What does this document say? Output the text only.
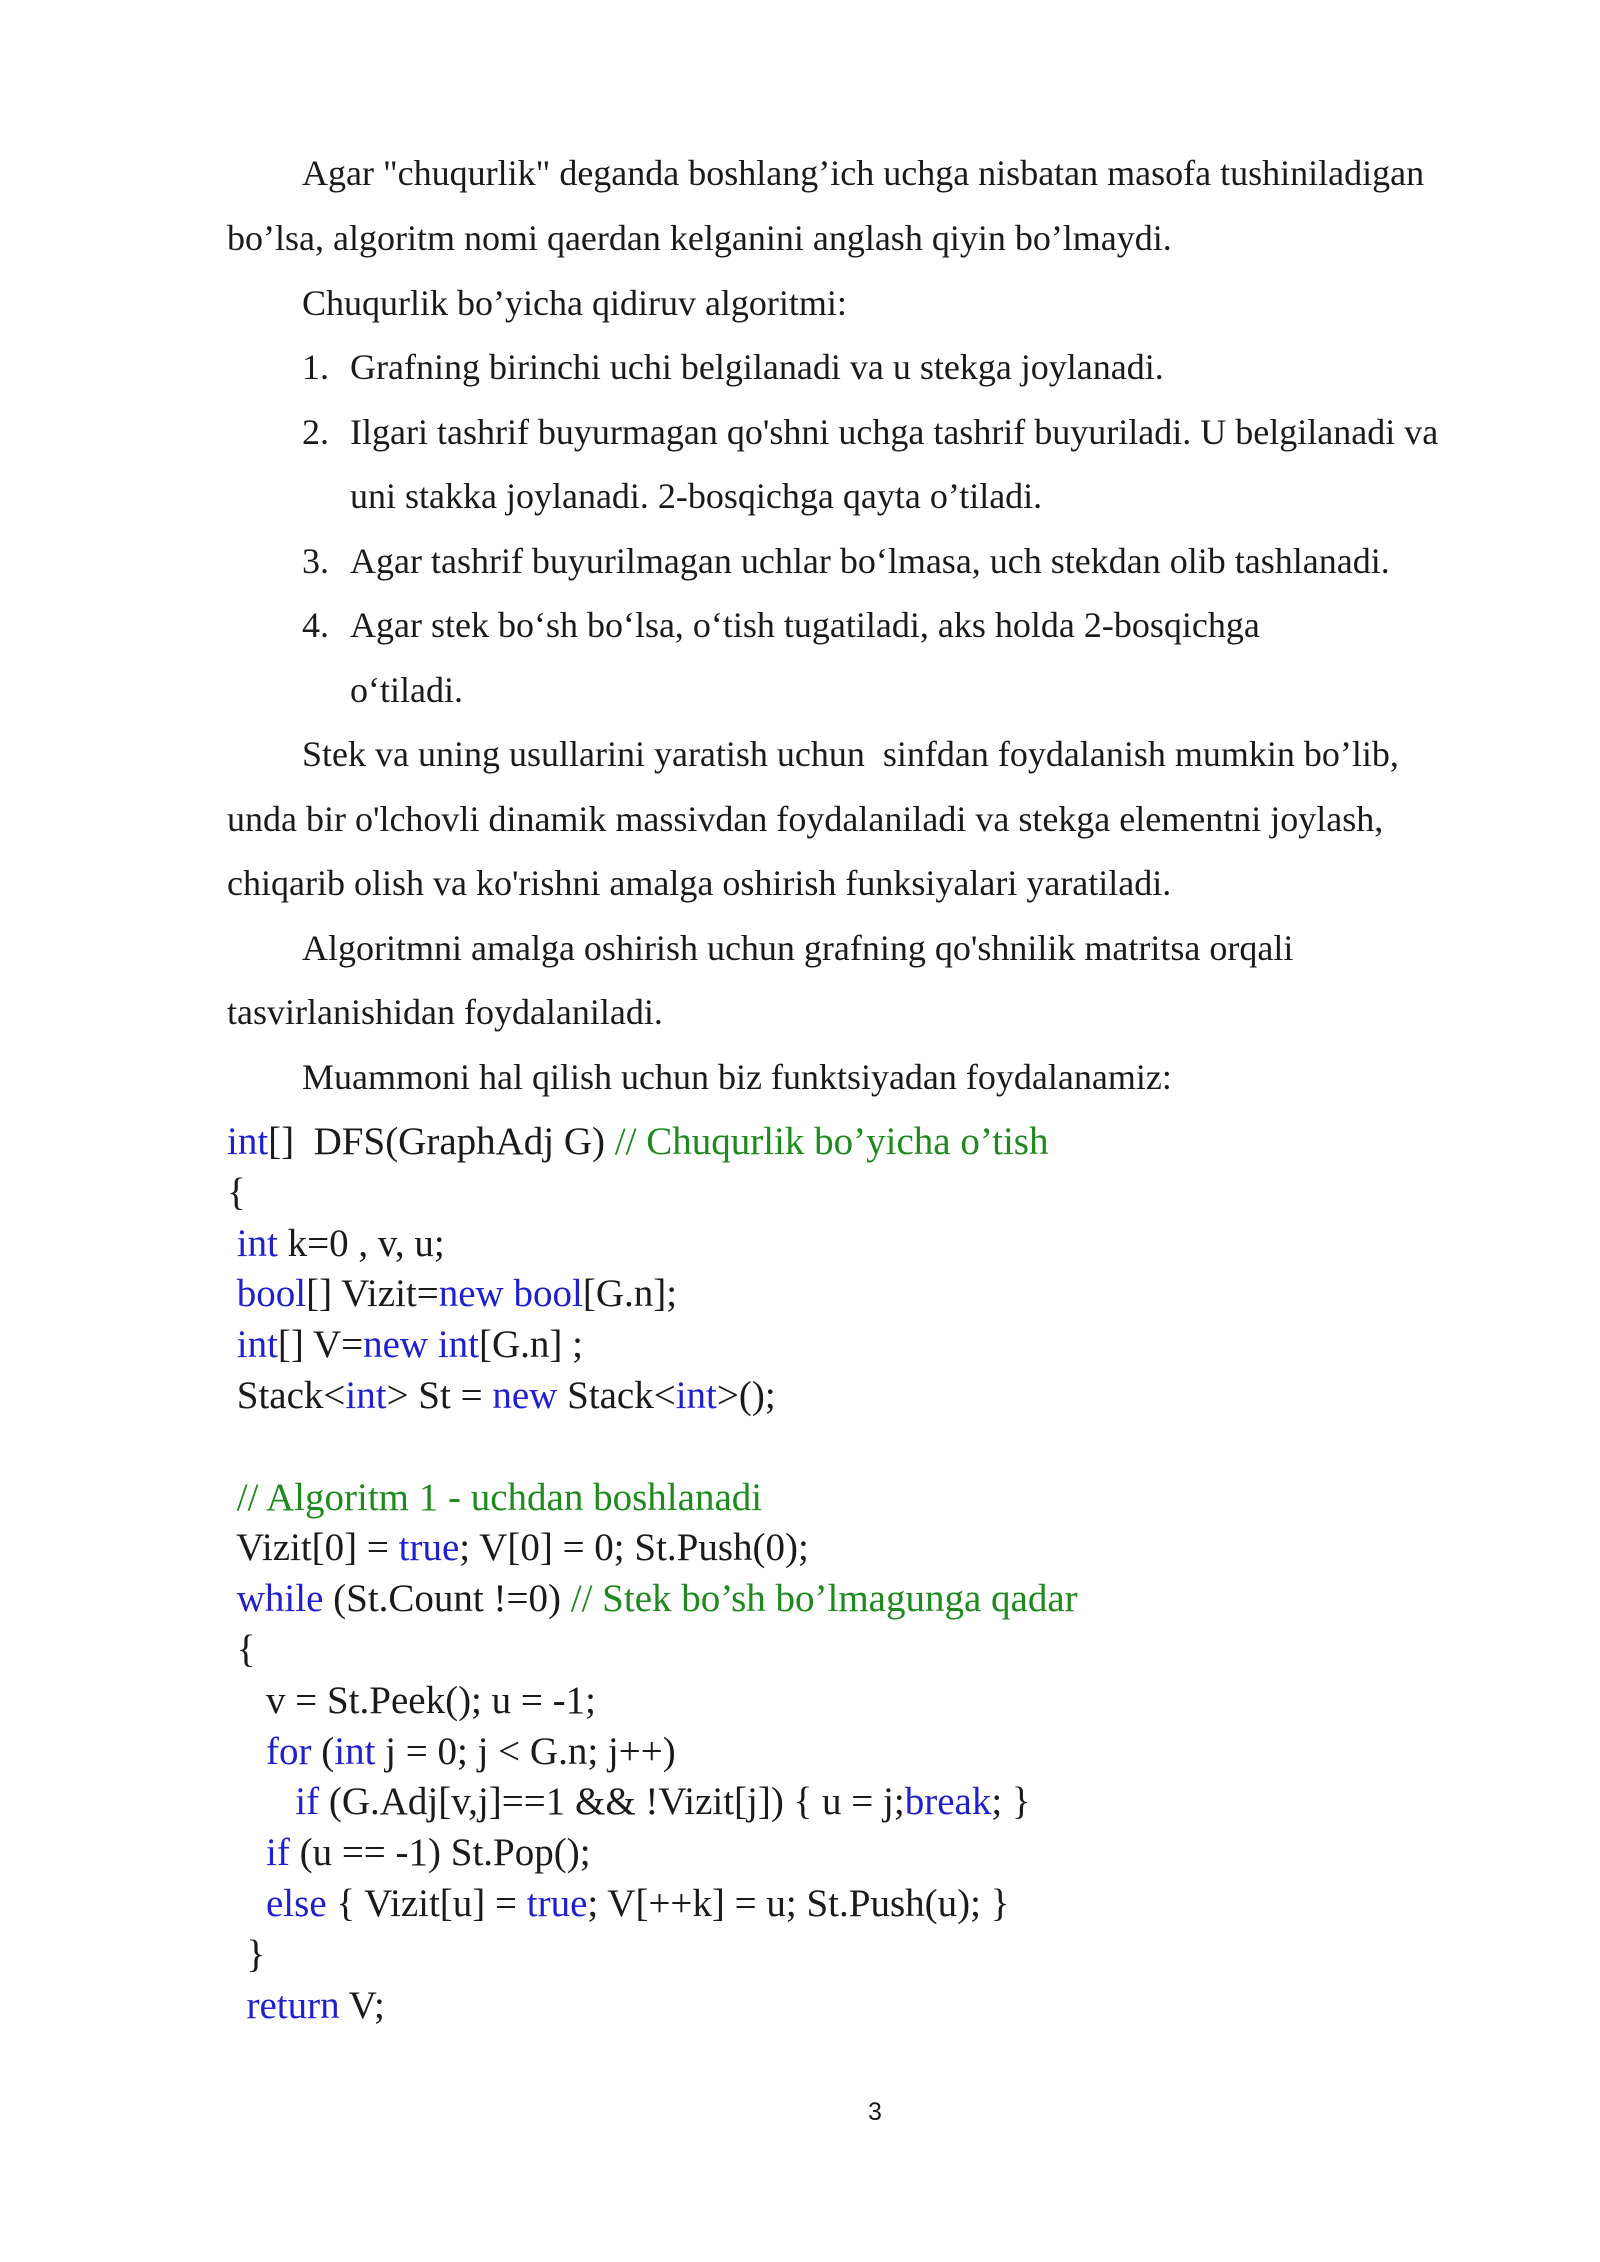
Agar "chuqurlik" deganda boshlang’ich uchga nisbatan masofa tushiniladigan
bo’lsa, algoritm nomi qaerdan kelganini anglash qiyin bo’lmaydi.
Chuqurlik bo’yicha qidiruv algoritmi:
1. Grafning birinchi uchi belgilanadi va u stekga joylanadi.
2. Ilgari tashrif buyurmagan qo'shni uchga tashrif buyuriladi. U belgilanadi va
uni stakka joylanadi. 2-bosqichga qayta o’tiladi.
3. Agar tashrif buyurilmagan uchlar bo‘lmasa, uch stekdan olib tashlanadi.
4. Agar stek bo‘sh bo‘lsa, o‘tish tugatiladi, aks holda 2-bosqichga
o‘tiladi.
Stek va uning usullarini yaratish uchun  sinfdan foydalanish mumkin bo’lib,
unda bir o'lchovli dinamik massivdan foydalaniladi va stekga elementni joylash,
chiqarib olish va ko'rishni amalga oshirish funksiyalari yaratiladi.
Algoritmni amalga oshirish uchun grafning qo'shnilik matritsa orqali
tasvirlanishidan foydalaniladi.
Muammoni hal qilish uchun biz funktsiyadan foydalanamiz:
int[]  DFS(GraphAdj G) // Chuqurlik bo’yicha o’tish
{
int k=0 , v, u;
bool[] Vizit=new bool[G.n];
int[] V=new int[G.n] ;
Stack<int> St = new Stack<int>();
// Algoritm 1 - uchdan boshlanadi
Vizit[0] = true; V[0] = 0; St.Push(0);
while (St.Count !=0) // Stek bo’sh bo’lmagunga qadar
{
v = St.Peek(); u = -1;
for (int j = 0; j < G.n; j++)
if (G.Adj[v,j]==1 && !Vizit[j]) { u = j;break; }
if (u == -1) St.Pop();
else { Vizit[u] = true; V[++k] = u; St.Push(u); }
}
return V;
3
